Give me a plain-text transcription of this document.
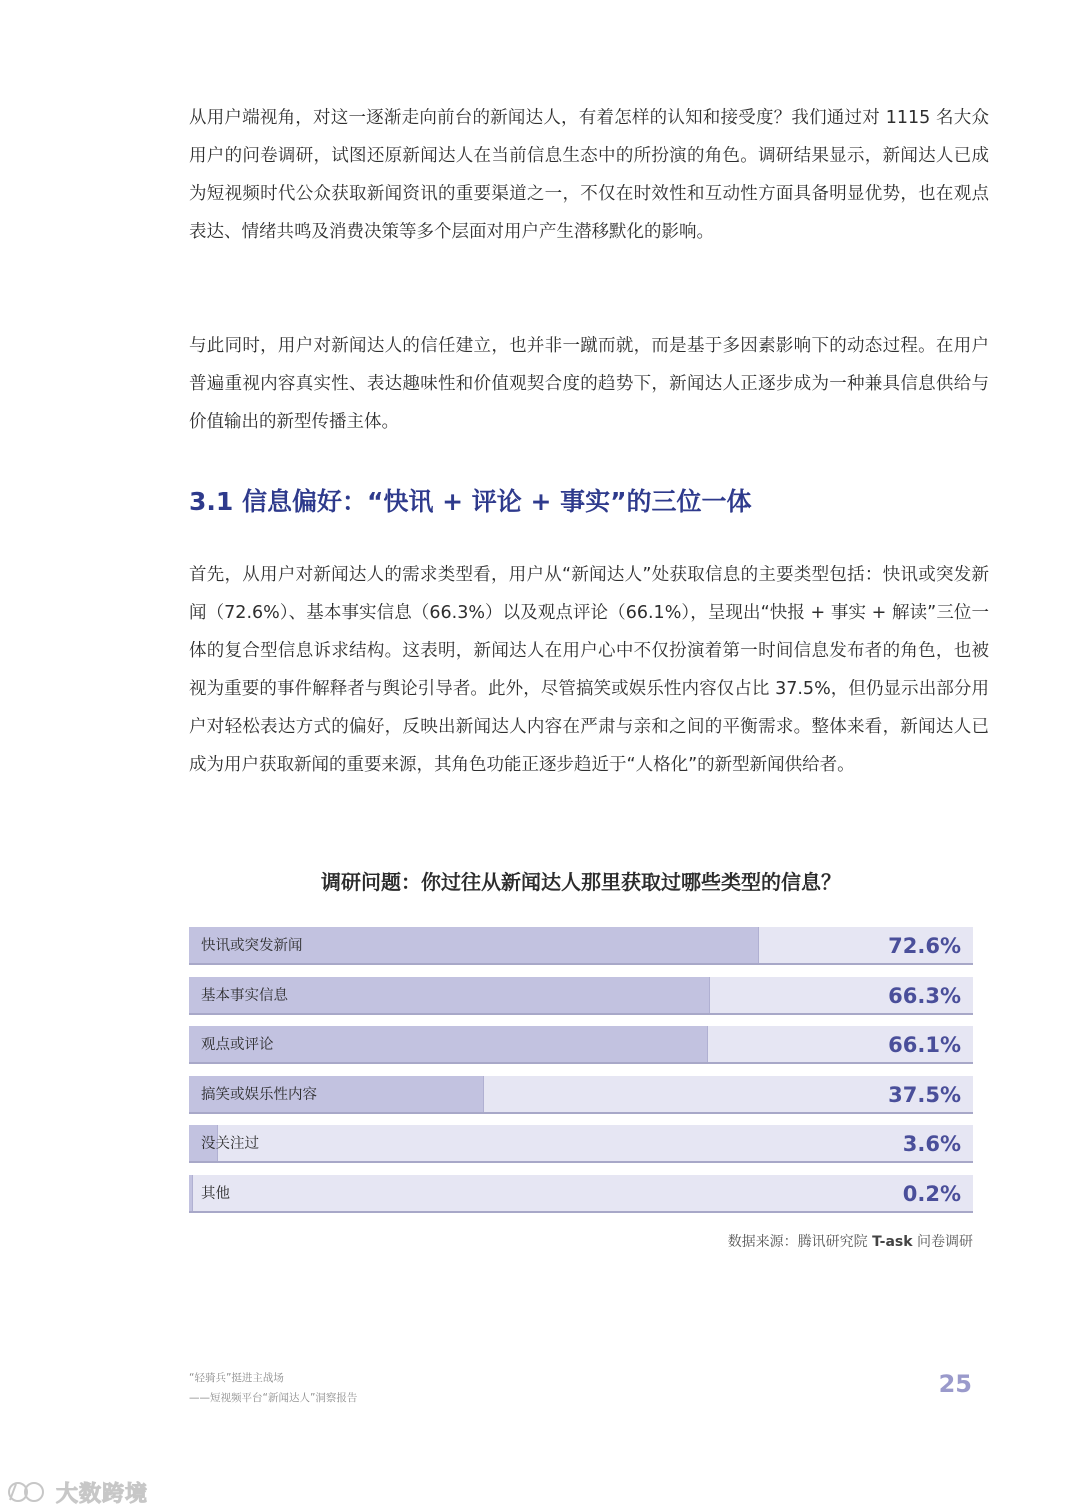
从用户端视角，对这一逐渐走向前台的新闻达人，有着怎样的认知和接受度？我们通过对 1115 名大众用户的问卷调研，试图还原新闻达人在当前信息生态中的所扮演的角色。调研结果显示，新闻达人已成为短视频时代公众获取新闻资讯的重要渠道之一，不仅在时效性和互动性方面具备明显优势，也在观点表达、情绪共鸣及消费决策等多个层面对用户产生潜移默化的影响。

与此同时，用户对新闻达人的信任建立，也并非一蹴而就，而是基于多因素影响下的动态过程。在用户普遍重视内容真实性、表达趣味性和价值观契合度的趋势下，新闻达人正逐步成为一种兼具信息供给与价值输出的新型传播主体。

3.1 信息偏好：“快讯 + 评论 + 事实”的三位一体

首先，从用户对新闻达人的需求类型看，用户从“新闻达人”处获取信息的主要类型包括：快讯或突发新闻（72.6%）、基本事实信息（66.3%）以及观点评论（66.1%），呈现出“快报 + 事实 + 解读”三位一体的复合型信息诉求结构。这表明，新闻达人在用户心中不仅扮演着第一时间信息发布者的角色，也被视为重要的事件解释者与舆论引导者。此外，尽管搞笑或娱乐性内容仅占比 37.5%，但仍显示出部分用户对轻松表达方式的偏好，反映出新闻达人内容在严肃与亲和之间的平衡需求。整体来看，新闻达人已成为用户获取新闻的重要来源，其角色功能正逐步趋近于“人格化”的新型新闻供给者。

调研问题：你过往从新闻达人那里获取过哪些类型的信息？
快讯或突发新闻	72.6%
基本事实信息	66.3%
观点或评论	66.1%
搞笑或娱乐性内容	37.5%
没关注过	3.6%
其他	0.2%

数据来源：腾讯研究院 T-ask 问卷调研

“轻骑兵”挺进主战场

——短视频平台“新闻达人”洞察报告	25

大数跨境
